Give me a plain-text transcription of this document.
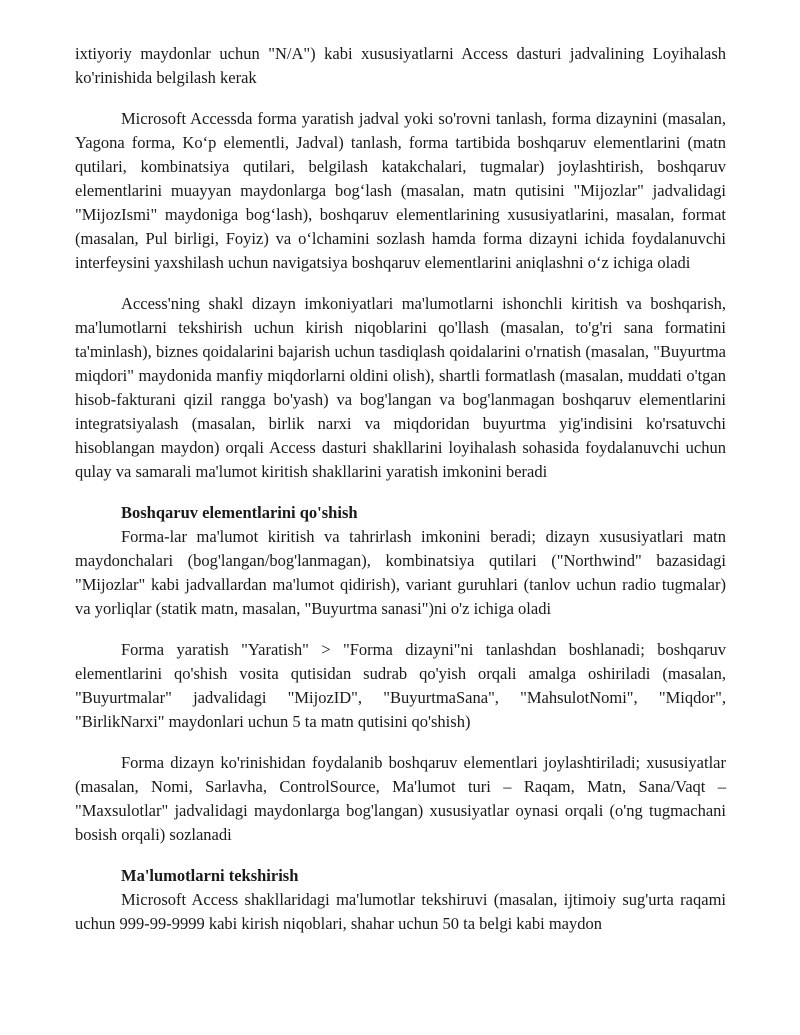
ixtiyoriy maydonlar uchun "N/A") kabi xususiyatlarni Access dasturi jadvalining Loyihalash ko'rinishida belgilash kerak

Microsoft Accessda forma yaratish jadval yoki so'rovni tanlash, forma dizaynini (masalan, Yagona forma, Ko‘p elementli, Jadval) tanlash, forma tartibida boshqaruv elementlarini (matn qutilari, kombinatsiya qutilari, belgilash katakchalari, tugmalar) joylashtirish, boshqaruv elementlarini muayyan maydonlarga bog‘lash (masalan, matn qutisini "Mijozlar" jadvalidagi "MijozIsmi" maydoniga bog‘lash), boshqaruv elementlarining xususiyatlarini, masalan, format (masalan, Pul birligi, Foyiz) va o‘lchamini sozlash hamda forma dizayni ichida foydalanuvchi interfeysini yaxshilash uchun navigatsiya boshqaruv elementlarini aniqlashni o‘z ichiga oladi

Access'ning shakl dizayn imkoniyatlari ma'lumotlarni ishonchli kiritish va boshqarish, ma'lumotlarni tekshirish uchun kirish niqoblarini qo'llash (masalan, to'g'ri sana formatini ta'minlash), biznes qoidalarini bajarish uchun tasdiqlash qoidalarini o'rnatish (masalan, "Buyurtma miqdori" maydonida manfiy miqdorlarni oldini olish), shartli formatlash (masalan, muddati o'tgan hisob-fakturani qizil rangga bo'yash) va bog'langan va bog'lanmagan boshqaruv elementlarini integratsiyalash (masalan, birlik narxi va miqdoridan buyurtma yig'indisini ko'rsatuvchi hisoblangan maydon) orqali Access dasturi shakllarini loyihalash sohasida foydalanuvchi uchun qulay va samarali ma'lumot kiritish shakllarini yaratish imkonini beradi

Boshqaruv elementlarini qo'shish

Forma-lar ma'lumot kiritish va tahrirlash imkonini beradi; dizayn xususiyatlari matn maydonchalari (bog'langan/bog'lanmagan), kombinatsiya qutilari ("Northwind" bazasidagi "Mijozlar" kabi jadvallardan ma'lumot qidirish), variant guruhlari (tanlov uchun radio tugmalar) va yorliqlar (statik matn, masalan, "Buyurtma sanasi")ni o'z ichiga oladi

Forma yaratish "Yaratish" > "Forma dizayni"ni tanlashdan boshlanadi; boshqaruv elementlarini qo'shish vosita qutisidan sudrab qo'yish orqali amalga oshiriladi (masalan, "Buyurtmalar" jadvalidagi "MijozID", "BuyurtmaSana", "MahsulotNomi", "Miqdor", "BirlikNarxi" maydonlari uchun 5 ta matn qutisini qo'shish)

Forma dizayn ko'rinishidan foydalanib boshqaruv elementlari joylashtiriladi; xususiyatlar (masalan, Nomi, Sarlavha, ControlSource, Ma'lumot turi – Raqam, Matn, Sana/Vaqt – "Maxsulotlar" jadvalidagi maydonlarga bog'langan) xususiyatlar oynasi orqali (o'ng tugmachani bosish orqali) sozlanadi

Ma'lumotlarni tekshirish

Microsoft Access shakllaridagi ma'lumotlar tekshiruvi (masalan, ijtimoiy sug'urta raqami uchun 999-99-9999 kabi kirish niqoblari, shahar uchun 50 ta belgi kabi maydon
